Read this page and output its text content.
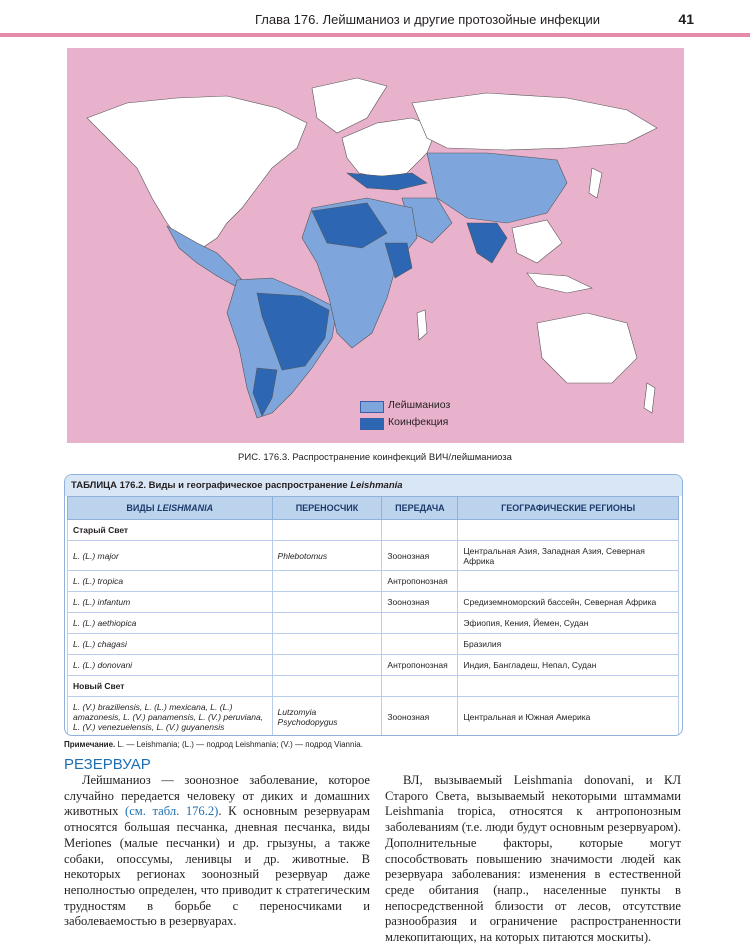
Глава 176. Лейшманиоз и другие протозойные инфекции	41
Лейшманиоз
Коинфекция
РИС. 176.3. Распространение коинфекций ВИЧ/лейшманиоза
ТАБЛИЦА 176.2. Виды и географическое распространение Leishmania
ВИДЫ LEISHMANIA	ПЕРЕНОСЧИК	ПЕРЕДАЧА	ГЕОГРАФИЧЕСКИЕ РЕГИОНЫ
Старый Свет			
L. (L.) major	Phlebotomus	Зоонозная	Центральная Азия, Западная Азия, Северная Африка
L. (L.) tropica		Антропонозная	
L. (L.) infantum		Зоонозная	Средиземноморский бассейн, Северная Африка
L. (L.) aethiopica			Эфиопия, Кения, Йемен, Судан
L. (L.) chagasi			Бразилия
L. (L.) donovani		Антропонозная	Индия, Бангладеш, Непал, Судан
Новый Свет			
L. (V.) braziliensis, L. (L.) mexicana, L. (L.) amazonesis, L. (V.) panamensis, L. (V.) peruviana, L. (V.) venezuelensis, L. (V.) guyanensis	Lutzomyia Psychodopygus	Зоонозная	Центральная и Южная Америка
Примечание. L. — Leishmania; (L.) — подрод Leishmania; (V.) — подрод Viannia.
РЕЗЕРВУАР

Лейшманиоз — зоонозное заболевание, которое случайно передается человеку от диких и домашних животных (см. табл. 176.2). К основным резервуарам относятся большая песчанка, дневная песчанка, виды Meriones (малые песчанки) и др. грызуны, а также собаки, опоссумы, ленивцы и др. животные. В некоторых регионах зоонозный резервуар даже неполностью определен, что приводит к стратегическим трудностям в борьбе с переносчиками и заболеваемостью в резервуарах.

ВЛ, вызываемый Leishmania donovani, и КЛ Старого Света, вызываемый некоторыми штаммами Leishmania tropica, относятся к антропонозным заболеваниям (т.е. люди будут основным резервуаром). Дополнительные факторы, которые могут способствовать повышению значимости людей как резервуара заболевания: изменения в естественной среде обитания (напр., населенные пункты в непосредственной близости от лесов, отсутствие разнообразия и ограничение распространенности млекопитающих, на которых питаются москиты).
